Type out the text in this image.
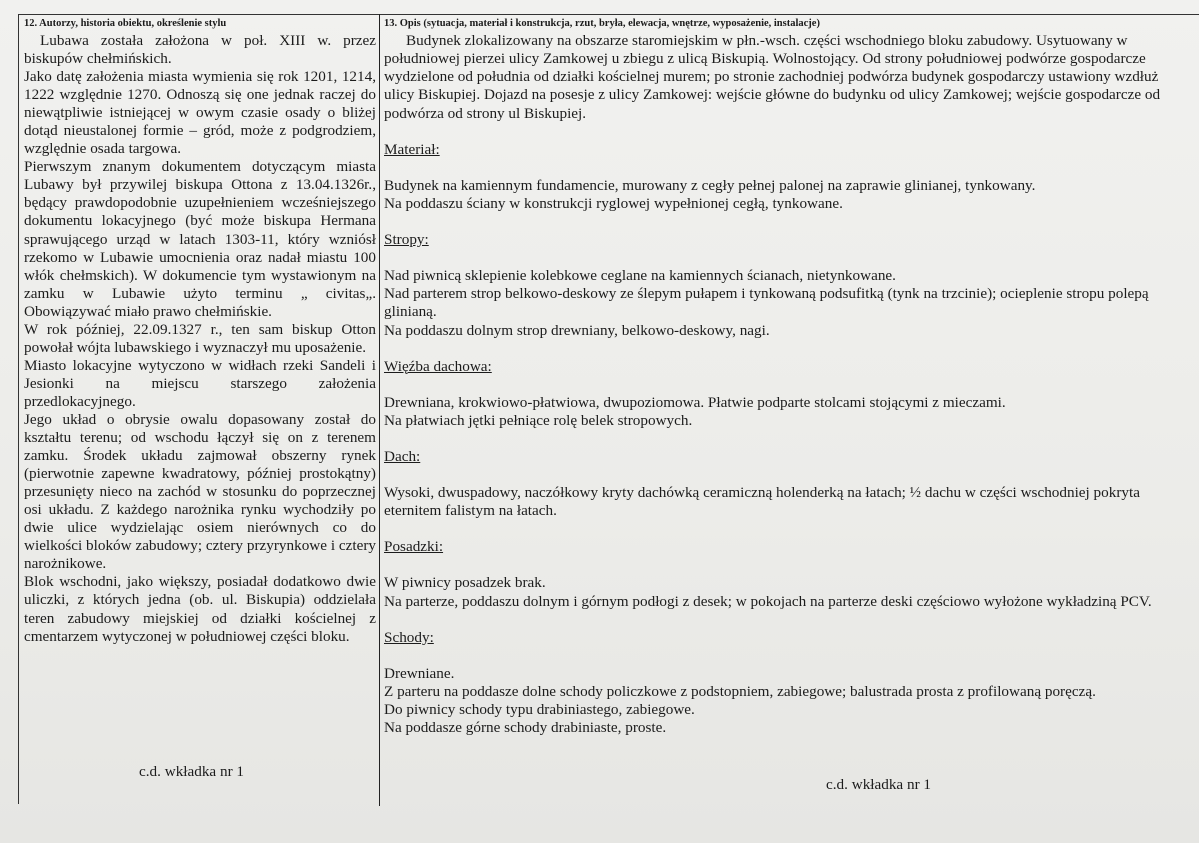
12. Autorzy, historia obiektu, określenie stylu

Lubawa została założona w poł. XIII w. przez biskupów chełmińskich.

Jako datę założenia miasta wymienia się rok 1201, 1214, 1222 względnie 1270. Odnoszą się one jednak raczej do niewątpliwie istniejącej w owym czasie osady o bliżej dotąd nieustalonej formie – gród, może z podgrodziem, względnie osada targowa.

Pierwszym znanym dokumentem dotyczącym miasta Lubawy był przywilej biskupa Ottona z 13.04.1326r., będący prawdopodobnie uzupełnieniem wcześniejszego dokumentu lokacyjnego (być może biskupa Hermana sprawującego urząd w latach 1303-11, który wzniósł rzekomo w Lubawie umocnienia oraz nadał miastu 100 włók chełmskich). W dokumencie tym wystawionym na zamku w Lubawie użyto terminu „ civitas„. Obowiązywać miało prawo chełmińskie.

W rok później, 22.09.1327 r., ten sam biskup Otton powołał wójta lubawskiego i wyznaczył mu uposażenie.

Miasto lokacyjne wytyczono w widłach rzeki Sandeli i Jesionki na miejscu starszego założenia przedlokacyjnego.

Jego układ o obrysie owalu dopasowany został do kształtu terenu; od wschodu łączył się on z terenem zamku. Środek układu zajmował obszerny rynek (pierwotnie zapewne kwadratowy, później prostokątny) przesunięty nieco na zachód w stosunku do poprzecznej osi układu. Z każdego narożnika rynku wychodziły po dwie ulice wydzielając osiem nierównych co do wielkości bloków zabudowy; cztery przyrynkowe i cztery narożnikowe.

Blok wschodni, jako większy, posiadał dodatkowo dwie uliczki, z których jedna (ob. ul. Biskupia) oddzielała teren zabudowy miejskiej od działki kościelnej z cmentarzem wytyczonej w południowej części bloku.

c.d. wkładka nr 1
13. Opis (sytuacja, materiał i konstrukcja, rzut, bryła, elewacja, wnętrze, wyposażenie, instalacje)

Budynek zlokalizowany na obszarze staromiejskim w płn.-wsch. części wschodniego bloku zabudowy. Usytuowany w południowej pierzei ulicy Zamkowej u zbiegu z ulicą Biskupią. Wolnostojący. Od strony południowej podwórze gospodarcze wydzielone od południa od działki kościelnej murem; po stronie zachodniej podwórza budynek gospodarczy ustawiony wzdłuż ulicy Biskupiej. Dojazd na posesje z ulicy Zamkowej: wejście główne do budynku od ulicy Zamkowej; wejście gospodarcze od podwórza od strony ul Biskupiej.

Materiał:

Budynek na kamiennym fundamencie, murowany z cegły pełnej palonej na zaprawie glinianej, tynkowany.

Na poddaszu ściany w konstrukcji ryglowej wypełnionej cegłą, tynkowane.

Stropy:

Nad piwnicą sklepienie kolebkowe ceglane na kamiennych ścianach, nietynkowane.

Nad parterem strop belkowo-deskowy ze ślepym pułapem i tynkowaną podsufitką (tynk na trzcinie); ocieplenie stropu polepą glinianą.

Na poddaszu dolnym strop drewniany, belkowo-deskowy, nagi.

Więźba dachowa:

Drewniana, krokwiowo-płatwiowa, dwupoziomowa. Płatwie podparte stolcami stojącymi z mieczami.

Na płatwiach jętki pełniące rolę belek stropowych.

Dach:

Wysoki, dwuspadowy, naczółkowy kryty dachówką ceramiczną holenderką na łatach; ½ dachu w części wschodniej pokryta eternitem falistym na łatach.

Posadzki:

W piwnicy posadzek brak.

Na parterze, poddaszu dolnym i górnym podłogi z desek; w pokojach na parterze deski częściowo wyłożone wykładziną PCV.

Schody:

Drewniane.

Z parteru na poddasze dolne schody policzkowe z podstopniem, zabiegowe; balustrada prosta z profilowaną poręczą.

Do piwnicy schody typu drabiniastego, zabiegowe.

Na poddasze górne schody drabiniaste, proste.

c.d. wkładka nr 1
